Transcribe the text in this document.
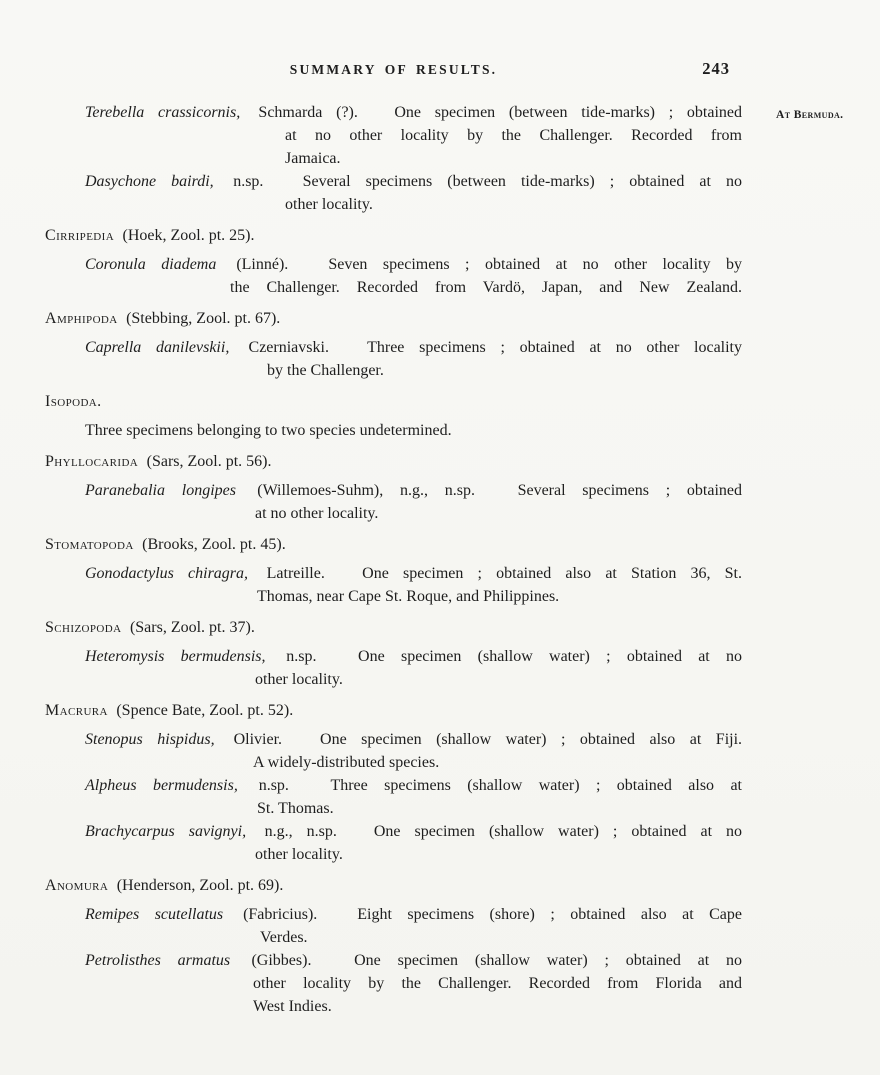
SUMMARY OF RESULTS.	243
At Bermuda.
Terebella crassicornis, Schmarda (?). One specimen (between tide-marks) ; obtained
at no other locality by the Challenger. Recorded from
Jamaica.
Dasychone bairdi, n.sp. Several specimens (between tide-marks) ; obtained at no
other locality.
Cirripedia (Hoek, Zool. pt. 25).
Coronula diadema (Linné).	Seven specimens ; obtained at no other locality by
the Challenger. Recorded from Vardö, Japan, and New Zealand.
Amphipoda (Stebbing, Zool. pt. 67).
Caprella danilevskii, Czerniavski. Three specimens ; obtained at no other locality
by the Challenger.
Isopoda.
Three specimens belonging to two species undetermined.
Phyllocarida (Sars, Zool. pt. 56).
Paranebalia longipes (Willemoes-Suhm), n.g., n.sp.	Several specimens ; obtained
at no other locality.
Stomatopoda (Brooks, Zool. pt. 45).
Gonodactylus chiragra, Latreille. One specimen ; obtained also at Station 36, St.
Thomas, near Cape St. Roque, and Philippines.
Schizopoda (Sars, Zool. pt. 37).
Heteromysis bermudensis, n.sp.	One specimen (shallow water) ; obtained at no
other locality.
Macrura (Spence Bate, Zool. pt. 52).
Stenopus hispidus, Olivier. One specimen (shallow water) ; obtained also at Fiji.
A widely-distributed species.
Alpheus bermudensis, n.sp.	Three specimens (shallow water) ; obtained also at
St. Thomas.
Brachycarpus savignyi, n.g., n.sp. One specimen (shallow water) ; obtained at no
other locality.
Anomura (Henderson, Zool. pt. 69).
Remipes scutellatus (Fabricius). Eight specimens (shore) ; obtained also at Cape
Verdes.
Petrolisthes armatus (Gibbes).	One specimen (shallow water) ; obtained at no
other locality by the Challenger. Recorded from Florida and
West Indies.
